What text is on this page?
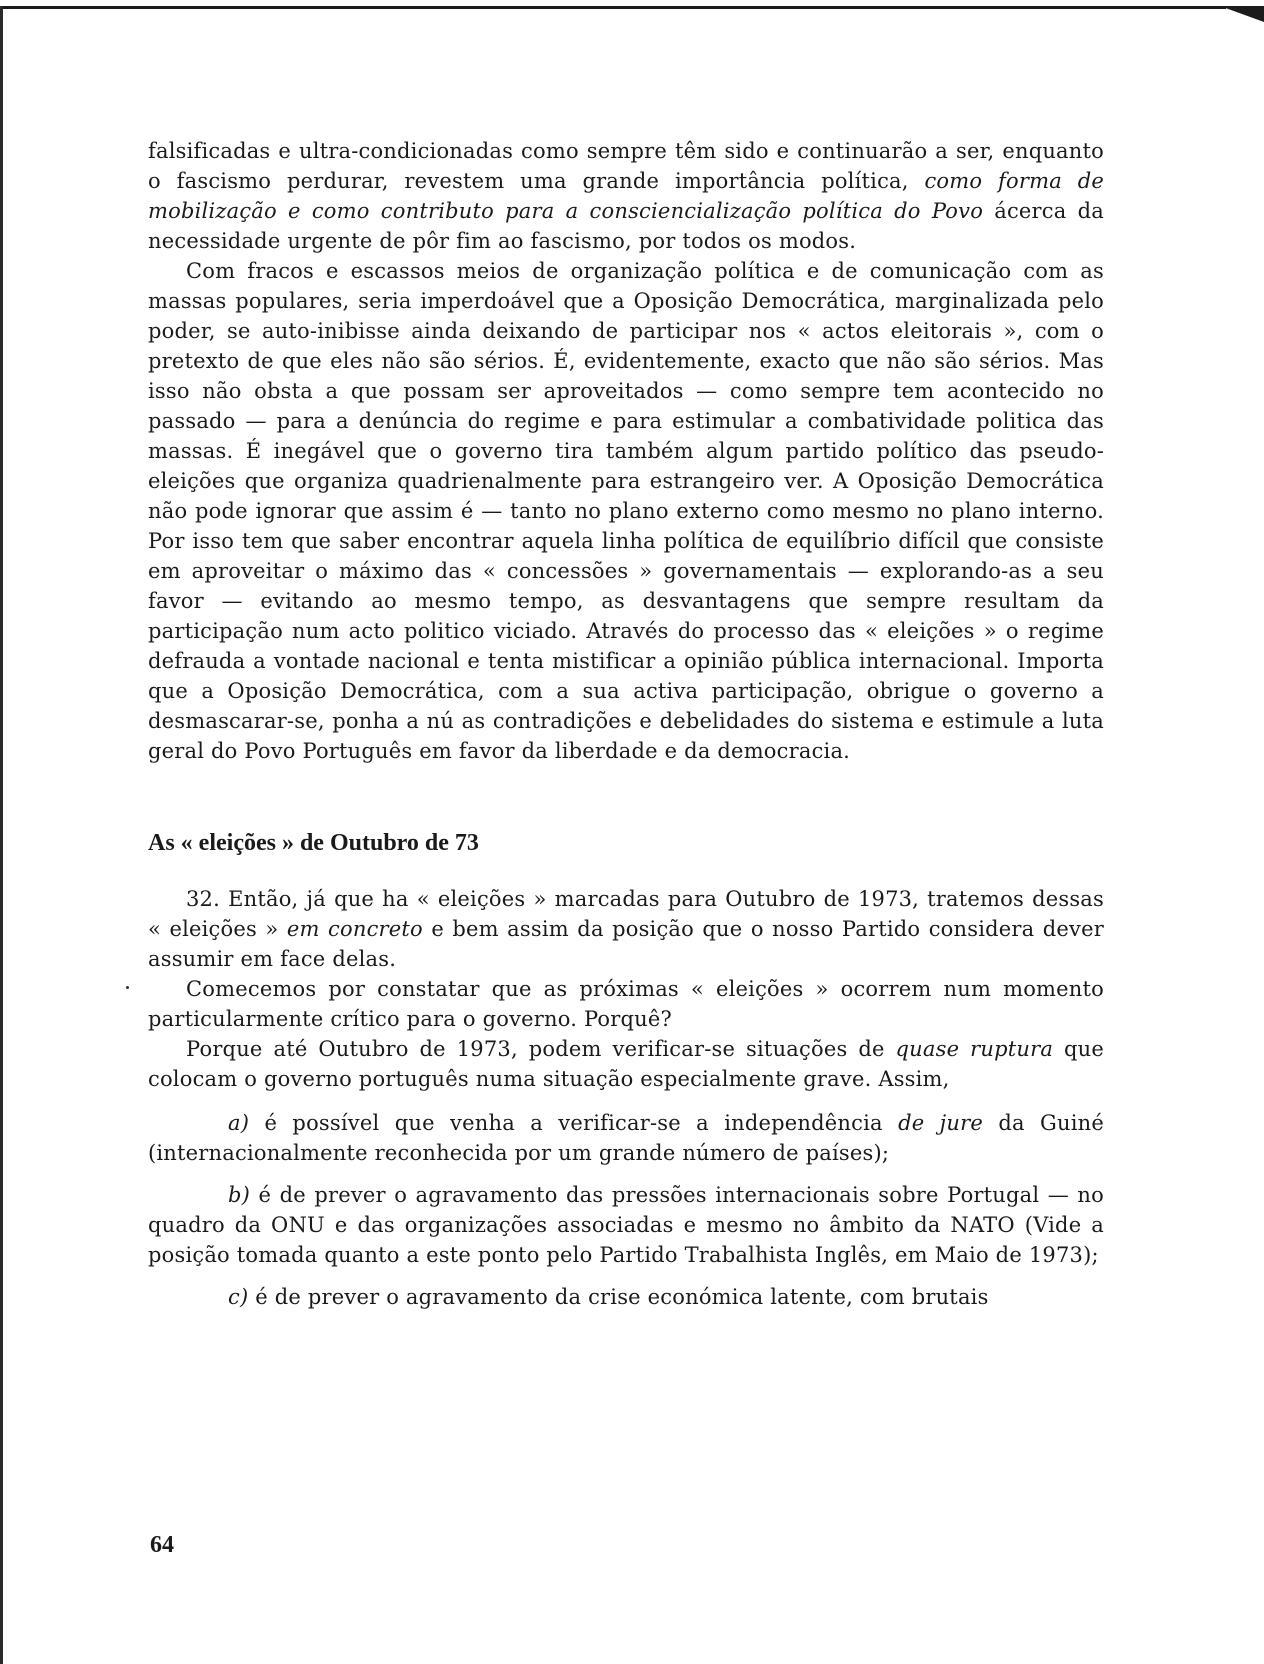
falsificadas e ultra-condicionadas como sempre têm sido e continuarão a ser, enquanto o fascismo perdurar, revestem uma grande importância política, como forma de mobilização e como contributo para a consciencialização política do Povo ácerca da necessidade urgente de pôr fim ao fascismo, por todos os modos.

Com fracos e escassos meios de organização política e de comunicação com as massas populares, seria imperdoável que a Oposição Democrática, marginalizada pelo poder, se auto-inibisse ainda deixando de participar nos « actos eleitorais », com o pretexto de que eles não são sérios. É, evidentemente, exacto que não são sérios. Mas isso não obsta a que possam ser aproveitados — como sempre tem acontecido no passado — para a denúncia do regime e para estimular a combatividade politica das massas. É inegável que o governo tira também algum partido político das pseudo-eleições que organiza quadrienalmente para estrangeiro ver. A Oposição Democrática não pode ignorar que assim é — tanto no plano externo como mesmo no plano interno. Por isso tem que saber encontrar aquela linha política de equilíbrio difícil que consiste em aproveitar o máximo das « concessões » governamentais — explorando-as a seu favor — evitando ao mesmo tempo, as desvantagens que sempre resultam da participação num acto politico viciado. Através do processo das « eleições » o regime defrauda a vontade nacional e tenta mistificar a opinião pública internacional. Importa que a Oposição Democrática, com a sua activa participação, obrigue o governo a desmascarar-se, ponha a nú as contradições e debelidades do sistema e estimule a luta geral do Povo Português em favor da liberdade e da democracia.

As « eleições » de Outubro de 73

32. Então, já que ha « eleições » marcadas para Outubro de 1973, tratemos dessas « eleições » em concreto e bem assim da posição que o nosso Partido considera dever assumir em face delas.

Comecemos por constatar que as próximas « eleições » ocorrem num momento particularmente crítico para o governo. Porquê?

Porque até Outubro de 1973, podem verificar-se situações de quase ruptura que colocam o governo português numa situação especialmente grave. Assim,

a) é possível que venha a verificar-se a independência de jure da Guiné (internacionalmente reconhecida por um grande número de países);

b) é de prever o agravamento das pressões internacionais sobre Portugal — no quadro da ONU e das organizações associadas e mesmo no âmbito da NATO (Vide a posição tomada quanto a este ponto pelo Partido Trabalhista Inglês, em Maio de 1973);

c) é de prever o agravamento da crise económica latente, com brutais

64
